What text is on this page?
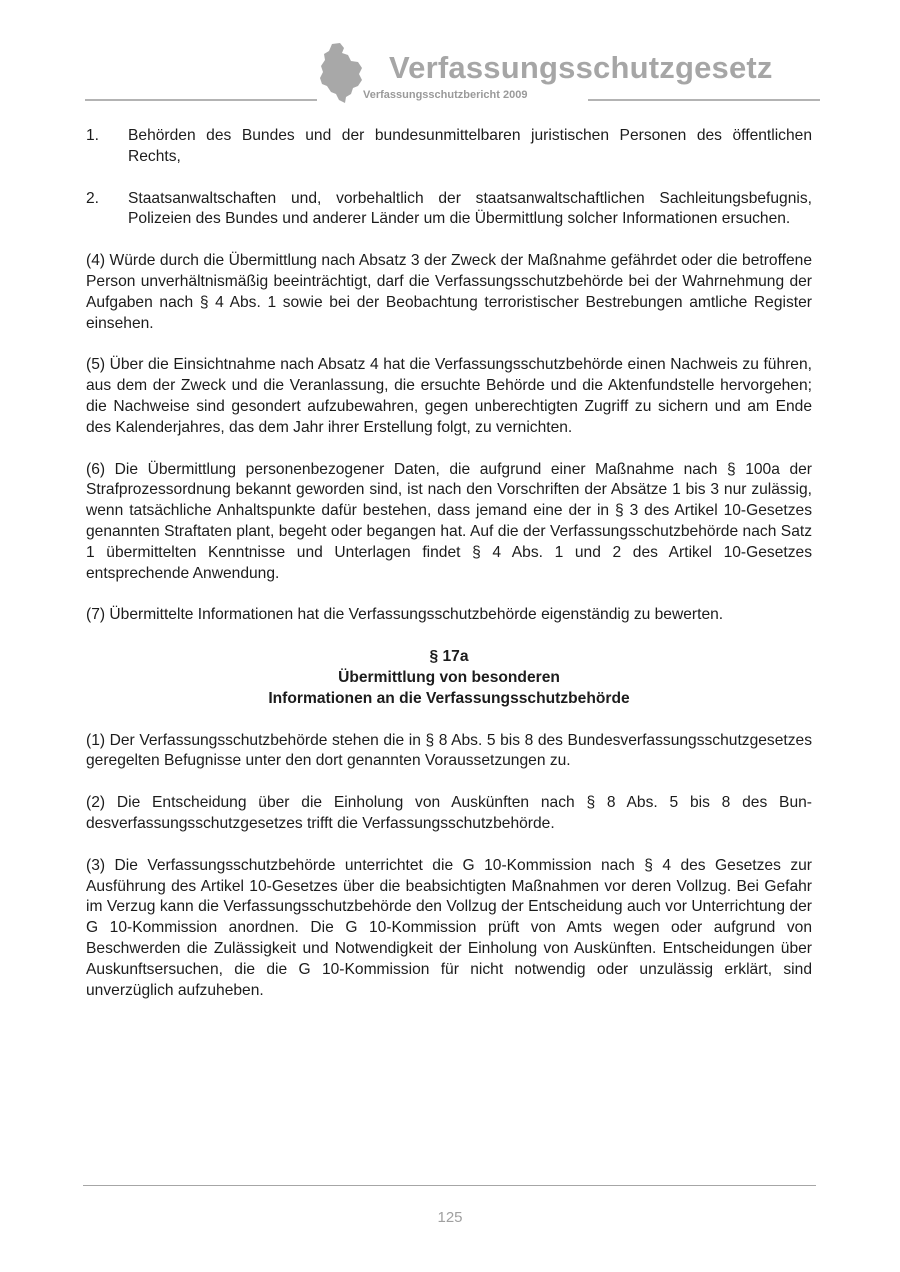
Verfassungsschutzgesetz
Verfassungsschutzbericht 2009
1.	Behörden des Bundes und der bundesunmittelbaren juristischen Personen des öffentlichen Rechts,
2.	Staatsanwaltschaften und, vorbehaltlich der staatsanwaltschaftlichen Sachleitungsbefugnis, Polizeien des Bundes und anderer Länder um die Übermittlung solcher Informationen ersuchen.

(4) Würde durch die Übermittlung nach Absatz 3 der Zweck der Maßnahme gefährdet oder die betroffene Person unverhältnismäßig beeinträchtigt, darf die Verfassungsschutzbehörde bei der Wahrnehmung der Aufgaben nach § 4 Abs. 1 sowie bei der Beobachtung terroristischer Bestrebungen amtliche Register einsehen.

(5) Über die Einsichtnahme nach Absatz 4 hat die Verfassungsschutzbehörde einen Nachweis zu führen, aus dem der Zweck und die Veranlassung, die ersuchte Behörde und die Aktenfundstelle hervorgehen; die Nachweise sind gesondert aufzubewahren, gegen unberechtigten Zugriff zu sichern und am Ende des Kalenderjahres, das dem Jahr ihrer Erstellung folgt, zu vernichten.

(6) Die Übermittlung personenbezogener Daten, die aufgrund einer Maßnahme nach § 100a der Strafprozessordnung bekannt geworden sind, ist nach den Vorschriften der Absätze 1 bis 3 nur zulässig, wenn tatsächliche Anhaltspunkte dafür bestehen, dass jemand eine der in § 3 des Artikel 10-Gesetzes genannten Straftaten plant, begeht oder begangen hat. Auf die der Verfassungsschutzbehörde nach Satz 1 übermittelten Kenntnisse und Unterlagen findet § 4 Abs. 1 und 2 des Artikel 10-Gesetzes entsprechende Anwendung.

(7) Übermittelte Informationen hat die Verfassungsschutzbehörde eigenständig zu bewerten.

§ 17a
Übermittlung von besonderen
Informationen an die Verfassungsschutzbehörde

(1) Der Verfassungsschutzbehörde stehen die in § 8 Abs. 5 bis 8 des Bundesverfassungsschutzgesetzes geregelten Befugnisse unter den dort genannten Voraussetzungen zu.

(2) Die Entscheidung über die Einholung von Auskünften nach § 8 Abs. 5 bis 8 des Bundesverfassungsschutzgesetzes trifft die Verfassungsschutzbehörde.

(3) Die Verfassungsschutzbehörde unterrichtet die G 10-Kommission nach § 4 des Gesetzes zur Ausführung des Artikel 10-Gesetzes über die beabsichtigten Maßnahmen vor deren Vollzug. Bei Gefahr im Verzug kann die Verfassungsschutzbehörde den Vollzug der Entscheidung auch vor Unterrichtung der G 10-Kommission anordnen. Die G 10-Kommission prüft von Amts wegen oder aufgrund von Beschwerden die Zulässigkeit und Notwendigkeit der Einholung von Auskünften. Entscheidungen über Auskunftsersuchen, die die G 10-Kommission für nicht notwendig oder unzulässig erklärt, sind unverzüglich aufzuheben.

125
